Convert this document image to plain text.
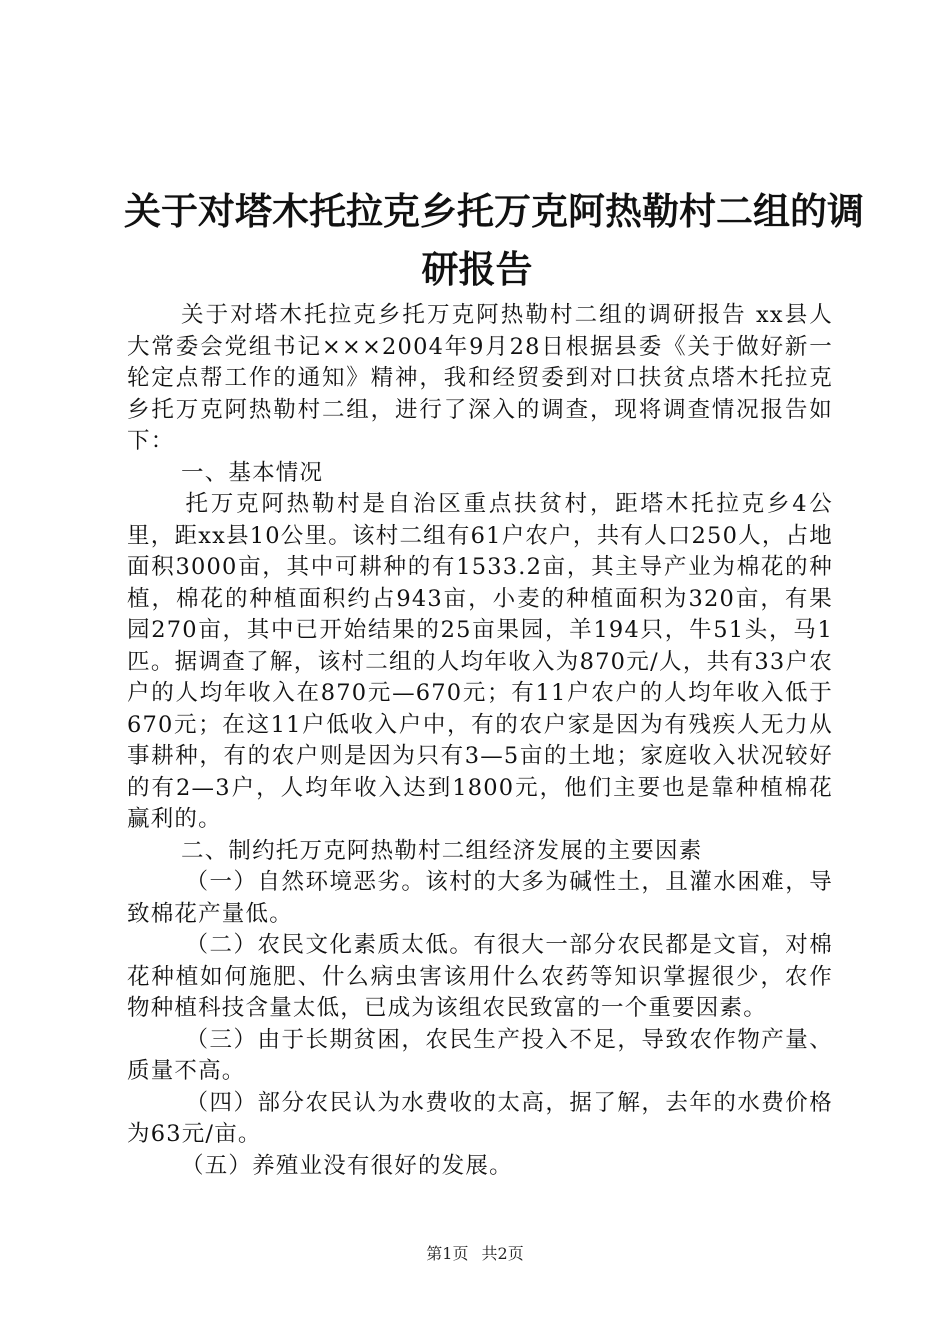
关于对塔木托拉克乡托万克阿热勒村二组的调
研报告

关于对塔木托拉克乡托万克阿热勒村二组的调研报告 xx县人大常委会党组书记×××2004年9月28日根据县委《关于做好新一轮定点帮工作的通知》精神，我和经贸委到对口扶贫点塔木托拉克乡托万克阿热勒村二组，进行了深入的调查，现将调查情况报告如下：

一、基本情况

托万克阿热勒村是自治区重点扶贫村，距塔木托拉克乡4公里，距xx县10公里。该村二组有61户农户，共有人口250人，占地面积3000亩，其中可耕种的有1533.2亩，其主导产业为棉花的种植，棉花的种植面积约占943亩，小麦的种植面积为320亩，有果园270亩，其中已开始结果的25亩果园，羊194只，牛51头，马1匹。据调查了解，该村二组的人均年收入为870元/人，共有33户农户的人均年收入在870元—670元；有11户农户的人均年收入低于670元；在这11户低收入户中，有的农户家是因为有残疾人无力从事耕种，有的农户则是因为只有3—5亩的土地；家庭收入状况较好的有2—3户，人均年收入达到1800元，他们主要也是靠种植棉花赢利的。

二、制约托万克阿热勒村二组经济发展的主要因素

（一）自然环境恶劣。该村的大多为碱性土，且灌水困难，导致棉花产量低。

（二）农民文化素质太低。有很大一部分农民都是文盲，对棉花种植如何施肥、什么病虫害该用什么农药等知识掌握很少，农作物种植科技含量太低，已成为该组农民致富的一个重要因素。

（三）由于长期贫困，农民生产投入不足，导致农作物产量、质量不高。

（四）部分农民认为水费收的太高，据了解，去年的水费价格为63元/亩。

（五）养殖业没有很好的发展。

第1页 共2页
